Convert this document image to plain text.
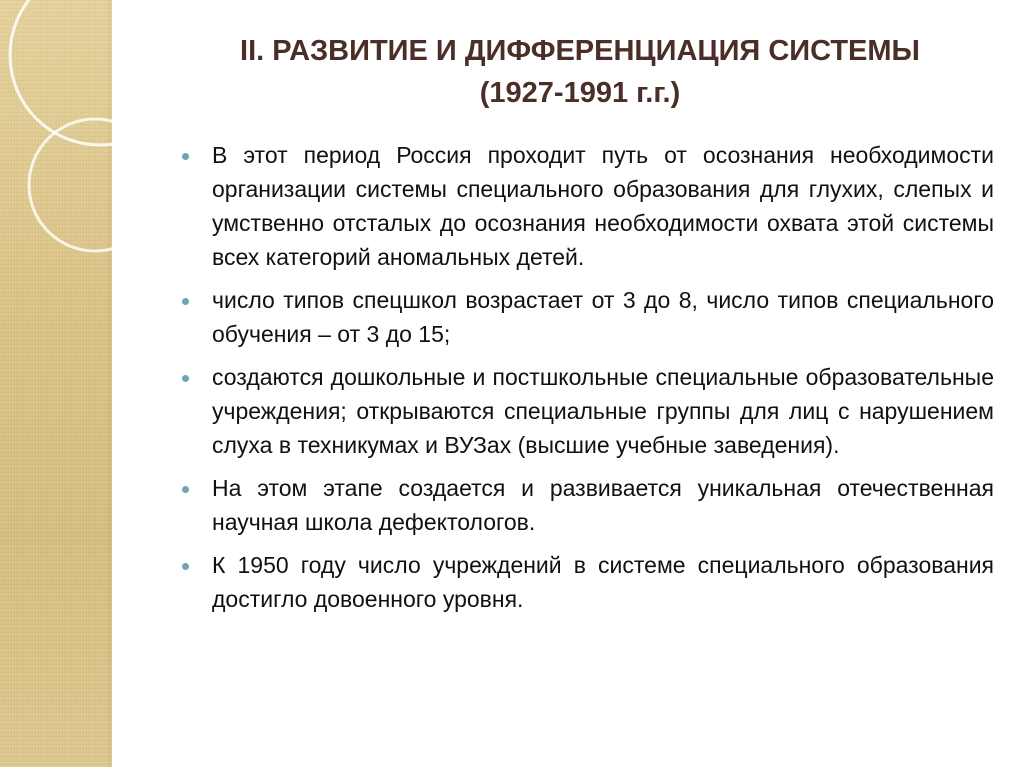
II. РАЗВИТИЕ И ДИФФЕРЕНЦИАЦИЯ СИСТЕМЫ
(1927-1991 г.г.)
В этот период Россия проходит путь от осознания необходимости организации системы специального образования для глухих, слепых и умственно отсталых до осознания необходимости охвата этой системы всех категорий аномальных детей.
число типов спецшкол возрастает от 3 до 8, число типов специального обучения – от 3 до 15;
создаются дошкольные и постшкольные специальные образовательные учреждения; открываются специальные группы для лиц с нарушением слуха в техникумах и ВУЗах (высшие учебные заведения).
На этом этапе создается и развивается уникальная отечественная научная школа дефектологов.
К 1950 году число учреждений в системе специального образования достигло довоенного уровня.
